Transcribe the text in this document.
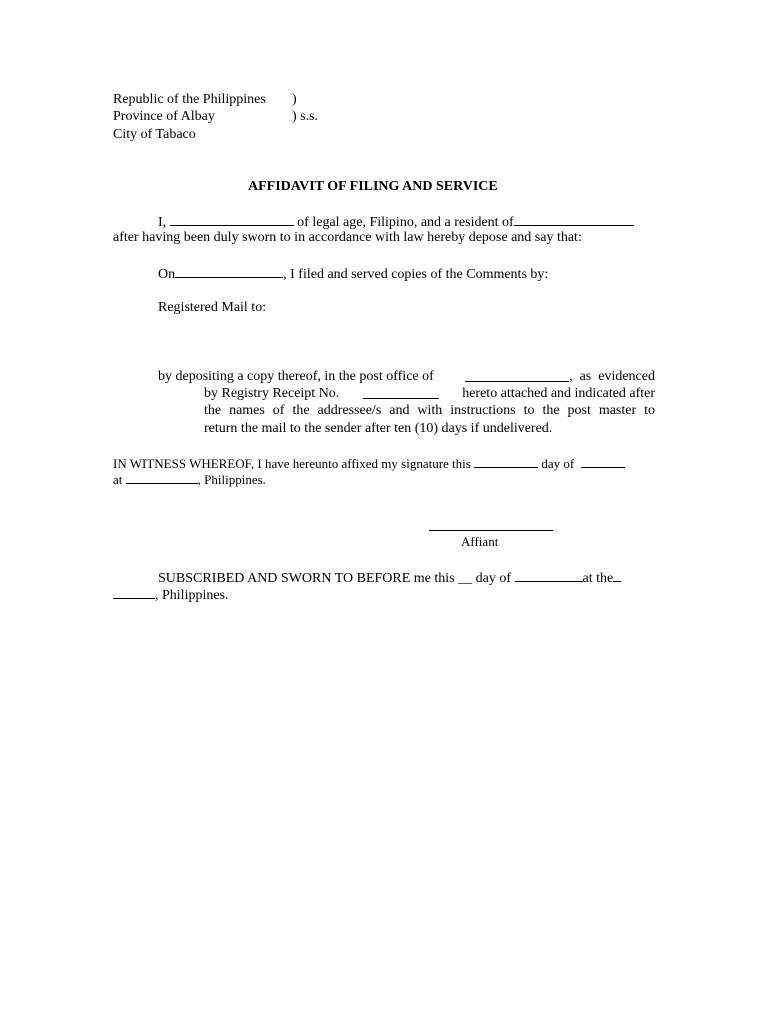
Republic of the Philippines )
Province of Albay	) s.s.
City of Tabaco
AFFIDAVIT OF FILING AND SERVICE
I,	of legal age, Filipino, and a resident of
after having been duly sworn to in accordance with law hereby depose and say that:
On	, I filed and served copies of the Comments by:
Registered Mail to:
by depositing a copy thereof, in the post office of	,  as  evidenced
by Registry Receipt No.	hereto attached and indicated after
the names of the addressee/s and with instructions to the post master to
return the mail to the sender after ten (10) days if undelivered.
IN WITNESS WHEREOF, I have hereunto affixed my signature this	day of
at	, Philippines.
Affiant
SUBSCRIBED AND SWORN TO BEFORE me this __ day of	at the
, Philippines.
